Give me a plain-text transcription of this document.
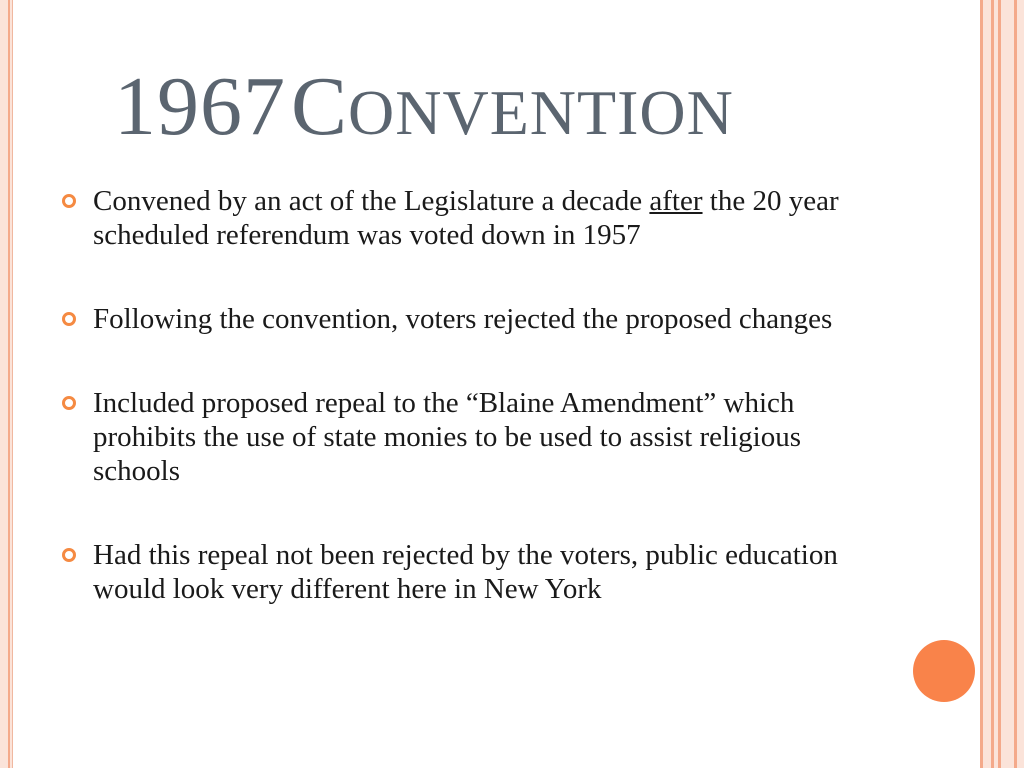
1967 CONVENTION
Convened by an act of the Legislature a decade after the 20 year scheduled referendum was voted down in 1957
Following the convention, voters rejected the proposed changes
Included proposed repeal to the “Blaine Amendment” which prohibits the use of state monies to be used to assist religious schools
Had this repeal not been rejected by the voters, public education would look very different here in New York
